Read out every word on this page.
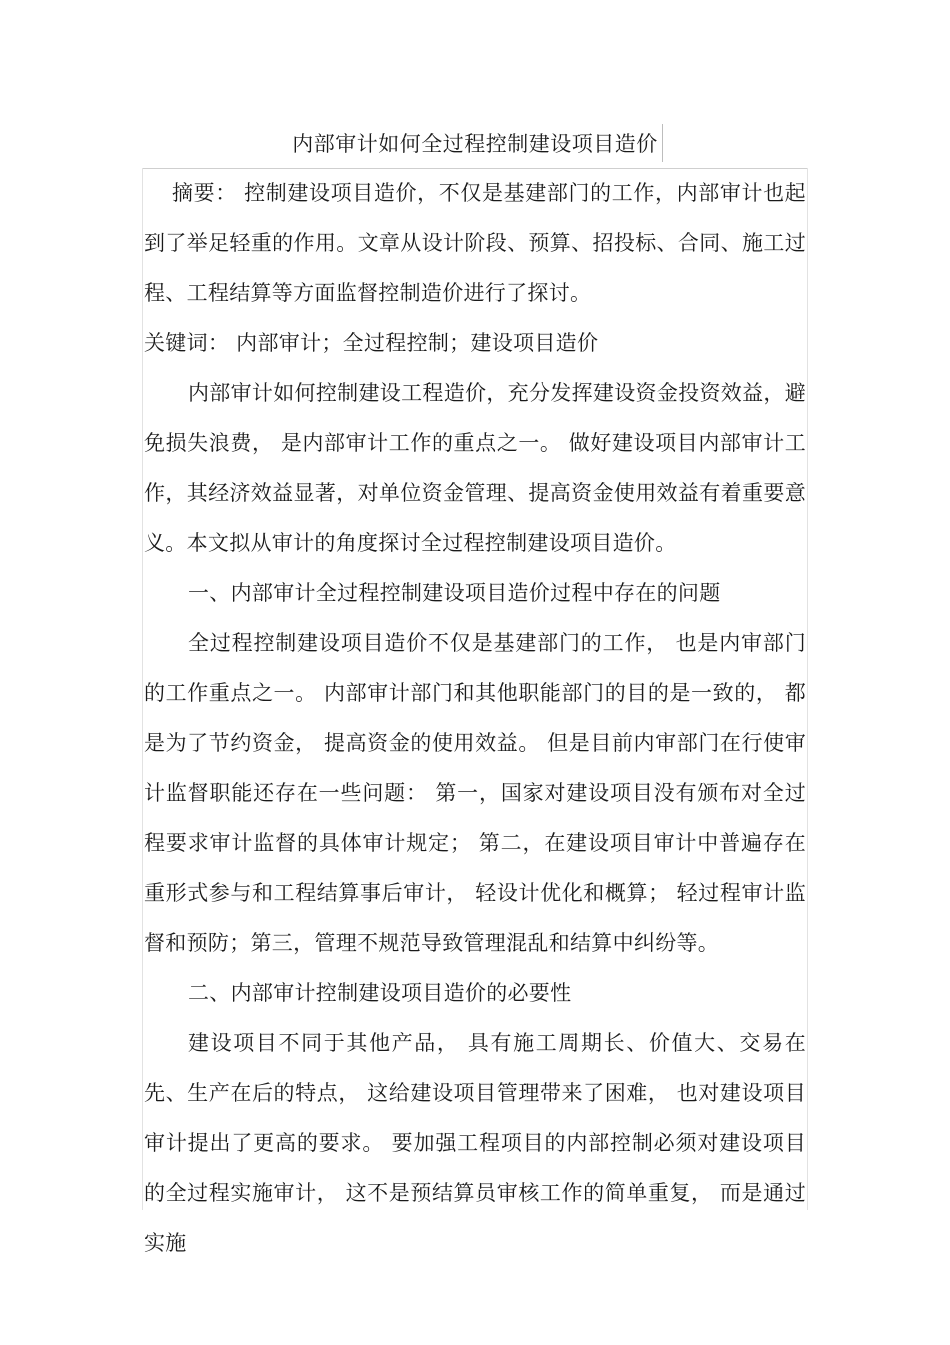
内部审计如何全过程控制建设项目造价

摘要： 控制建设项目造价，不仅是基建部门的工作，内部审计也起到了举足轻重的作用。文章从设计阶段、预算、招投标、合同、施工过程、工程结算等方面监督控制造价进行了探讨。

关键词： 内部审计；全过程控制；建设项目造价

内部审计如何控制建设工程造价，充分发挥建设资金投资效益，避免损失浪费， 是内部审计工作的重点之一。 做好建设项目内部审计工作，其经济效益显著，对单位资金管理、提高资金使用效益有着重要意义。本文拟从审计的角度探讨全过程控制建设项目造价。

一、内部审计全过程控制建设项目造价过程中存在的问题

全过程控制建设项目造价不仅是基建部门的工作， 也是内审部门的工作重点之一。 内部审计部门和其他职能部门的目的是一致的， 都是为了节约资金， 提高资金的使用效益。 但是目前内审部门在行使审计监督职能还存在一些问题： 第一，国家对建设项目没有颁布对全过程要求审计监督的具体审计规定； 第二，在建设项目审计中普遍存在重形式参与和工程结算事后审计， 轻设计优化和概算； 轻过程审计监督和预防；第三，管理不规范导致管理混乱和结算中纠纷等。

二、内部审计控制建设项目造价的必要性

建设项目不同于其他产品， 具有施工周期长、价值大、交易在先、生产在后的特点， 这给建设项目管理带来了困难， 也对建设项目审计提出了更高的要求。 要加强工程项目的内部控制必须对建设项目的全过程实施审计， 这不是预结算员审核工作的简单重复， 而是通过实施
